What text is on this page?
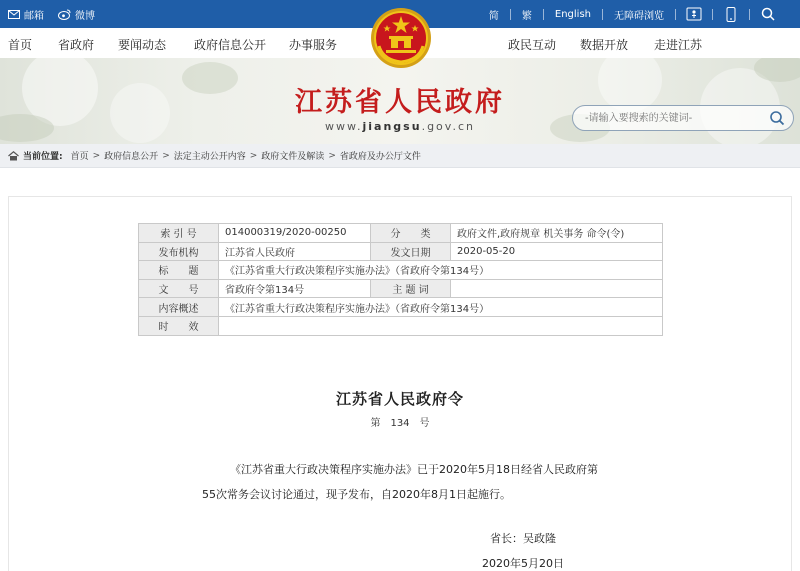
邮箱	微博	简	繁	English	无障碍浏览
首页 省政府 要闻动态 政府信息公开 办事服务	政民互动 数据开放 走进江苏
江苏省人民政府
www.jiangsu.gov.cn
-请输入要搜索的关键词-
当前位置: 首页 > 政府信息公开 > 法定主动公开内容 > 政府文件及解读 > 省政府及办公厅文件
索 引 号	014000319/2020-00250	分　　类	政府文件,政府规章 机关事务 命令(令)
发布机构	江苏省人民政府	发文日期	2020-05-20
标　　题	《江苏省重大行政决策程序实施办法》（省政府令第134号）		
文　　号	省政府令第134号	主 题 词	
内容概述	《江苏省重大行政决策程序实施办法》（省政府令第134号）		
时　　效			
江苏省人民政府令
第　134　号
《江苏省重大行政决策程序实施办法》已于2020年5月18日经省人民政府第
55次常务会议讨论通过，现予发布，自2020年8月1日起施行。
省长：吴政隆
2020年5月20日
